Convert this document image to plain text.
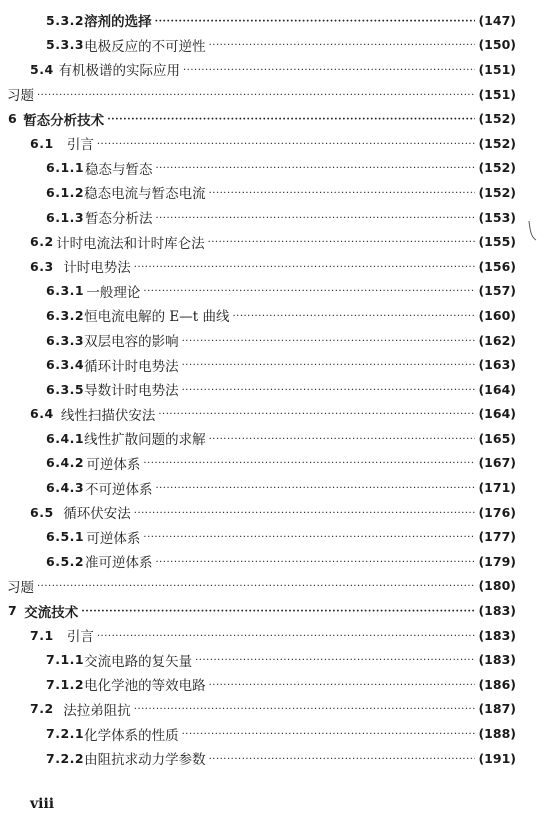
5.3.2 溶剂的选择 ·····	(147)
5.3.3 电极反应的不可逆性 ·····	(150)
5.4 有机极谱的实际应用 ·····	(151)
习题 ·····	(151)
6 暂态分析技术 ·····	(152)
6.1 引言 ·····	(152)
6.1.1 稳态与暂态 ·····	(152)
6.1.2 稳态电流与暂态电流 ·····	(152)
6.1.3 暂态分析法 ·····	(153)
6.2 计时电流法和计时库仑法 ·····	(155)
6.3 计时电势法 ·····	(156)
6.3.1 一般理论 ·····	(157)
6.3.2 恒电流电解的 E—t 曲线 ·····	(160)
6.3.3 双层电容的影响 ·····	(162)
6.3.4 循环计时电势法 ·····	(163)
6.3.5 导数计时电势法 ·····	(164)
6.4 线性扫描伏安法 ·····	(164)
6.4.1 线性扩散问题的求解 ·····	(165)
6.4.2 可逆体系 ·····	(167)
6.4.3 不可逆体系 ·····	(171)
6.5 循环伏安法 ·····	(176)
6.5.1 可逆体系 ·····	(177)
6.5.2 准可逆体系 ·····	(179)
习题 ·····	(180)
7 交流技术 ·····	(183)
7.1 引言 ·····	(183)
7.1.1 交流电路的复矢量 ·····	(183)
7.1.2 电化学池的等效电路 ·····	(186)
7.2 法拉弟阻抗 ·····	(187)
7.2.1 化学体系的性质 ·····	(188)
7.2.2 由阻抗求动力学参数 ·····	(191)
viii
